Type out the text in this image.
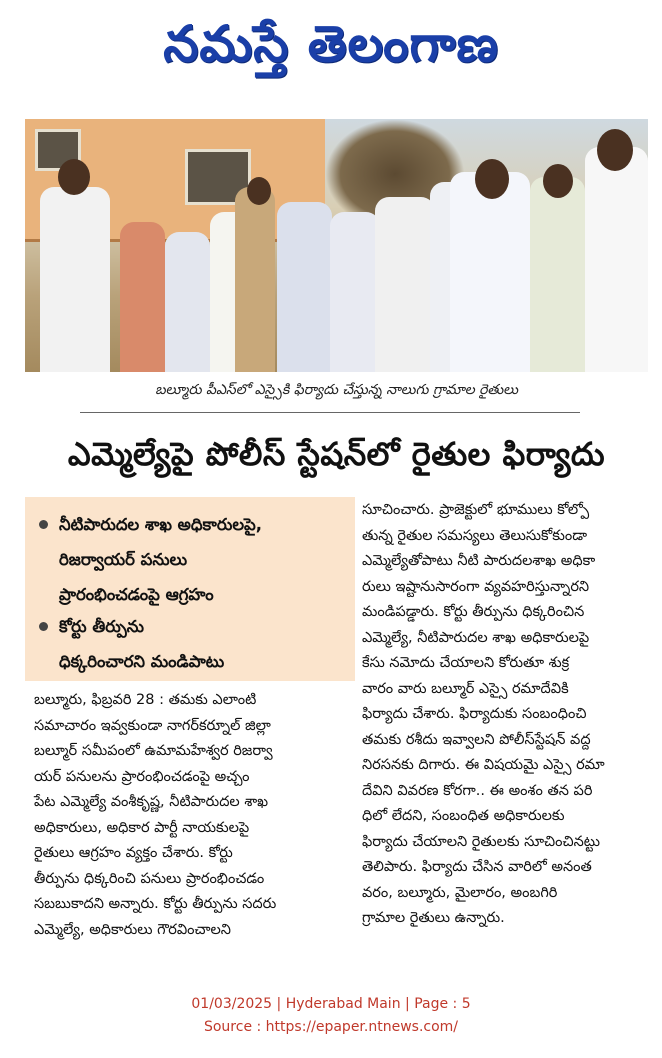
నమస్తే తెలంగాణ
బల్మూరు పీఎస్‌లో ఎస్సైకి ఫిర్యాదు చేస్తున్న నాలుగు గ్రామాల రైతులు
ఎమ్మెల్యేపై పోలీస్ స్టేషన్‌లో రైతుల ఫిర్యాదు
నీటిపారుదల శాఖ అధికారులపై,
రిజర్వాయర్ పనులు
ప్రారంభించడంపై ఆగ్రహం
కోర్టు తీర్పును
ధిక్కరించారని మండిపాటు

బల్మూరు, ఫిబ్రవరి 28 : తమకు ఎలాంటి

సమాచారం ఇవ్వకుండా నాగర్‌కర్నూల్ జిల్లా

బల్మూర్ సమీపంలో ఉమామహేశ్వర రిజర్వా

యర్ పనులను ప్రారంభించడంపై అచ్చం

పేట ఎమ్మెల్యే వంశీకృష్ణ, నీటిపారుదల శాఖ

అధికారులు, అధికార పార్టీ నాయకులపై

రైతులు ఆగ్రహం వ్యక్తం చేశారు. కోర్టు

తీర్పును ధిక్కరించి పనులు ప్రారంభించడం

సబబుకాదని అన్నారు. కోర్టు తీర్పును సదరు

ఎమ్మెల్యే, అధికారులు గౌరవించాలని

సూచించారు. ప్రాజెక్టులో భూములు కోల్పో

తున్న రైతుల సమస్యలు తెలుసుకోకుండా

ఎమ్మెల్యేతోపాటు నీటి పారుదలశాఖ అధికా

రులు ఇష్టానుసారంగా వ్యవహరిస్తున్నారని

మండిపడ్డారు. కోర్టు తీర్పును ధిక్కరించిన

ఎమ్మెల్యే, నీటిపారుదల శాఖ అధికారులపై

కేసు నమోదు చేయాలని కోరుతూ శుక్ర

వారం వారు బల్మూర్ ఎస్సై రమాదేవికి

ఫిర్యాదు చేశారు. ఫిర్యాదుకు సంబంధించి

తమకు రశీదు ఇవ్వాలని పోలీస్‌స్టేషన్ వద్ద

నిరసనకు దిగారు. ఈ విషయమై ఎస్సై రమా

దేవిని వివరణ కోరగా.. ఈ అంశం తన పరి

ధిలో లేదని, సంబంధిత అధికారులకు

ఫిర్యాదు చేయాలని రైతులకు సూచించినట్టు

తెలిపారు. ఫిర్యాదు చేసిన వారిలో అనంత

వరం, బల్మూరు, మైలారం, అంబగిరి

గ్రామాల రైతులు ఉన్నారు.

01/03/2025 | Hyderabad Main | Page : 5
Source : https://epaper.ntnews.com/
